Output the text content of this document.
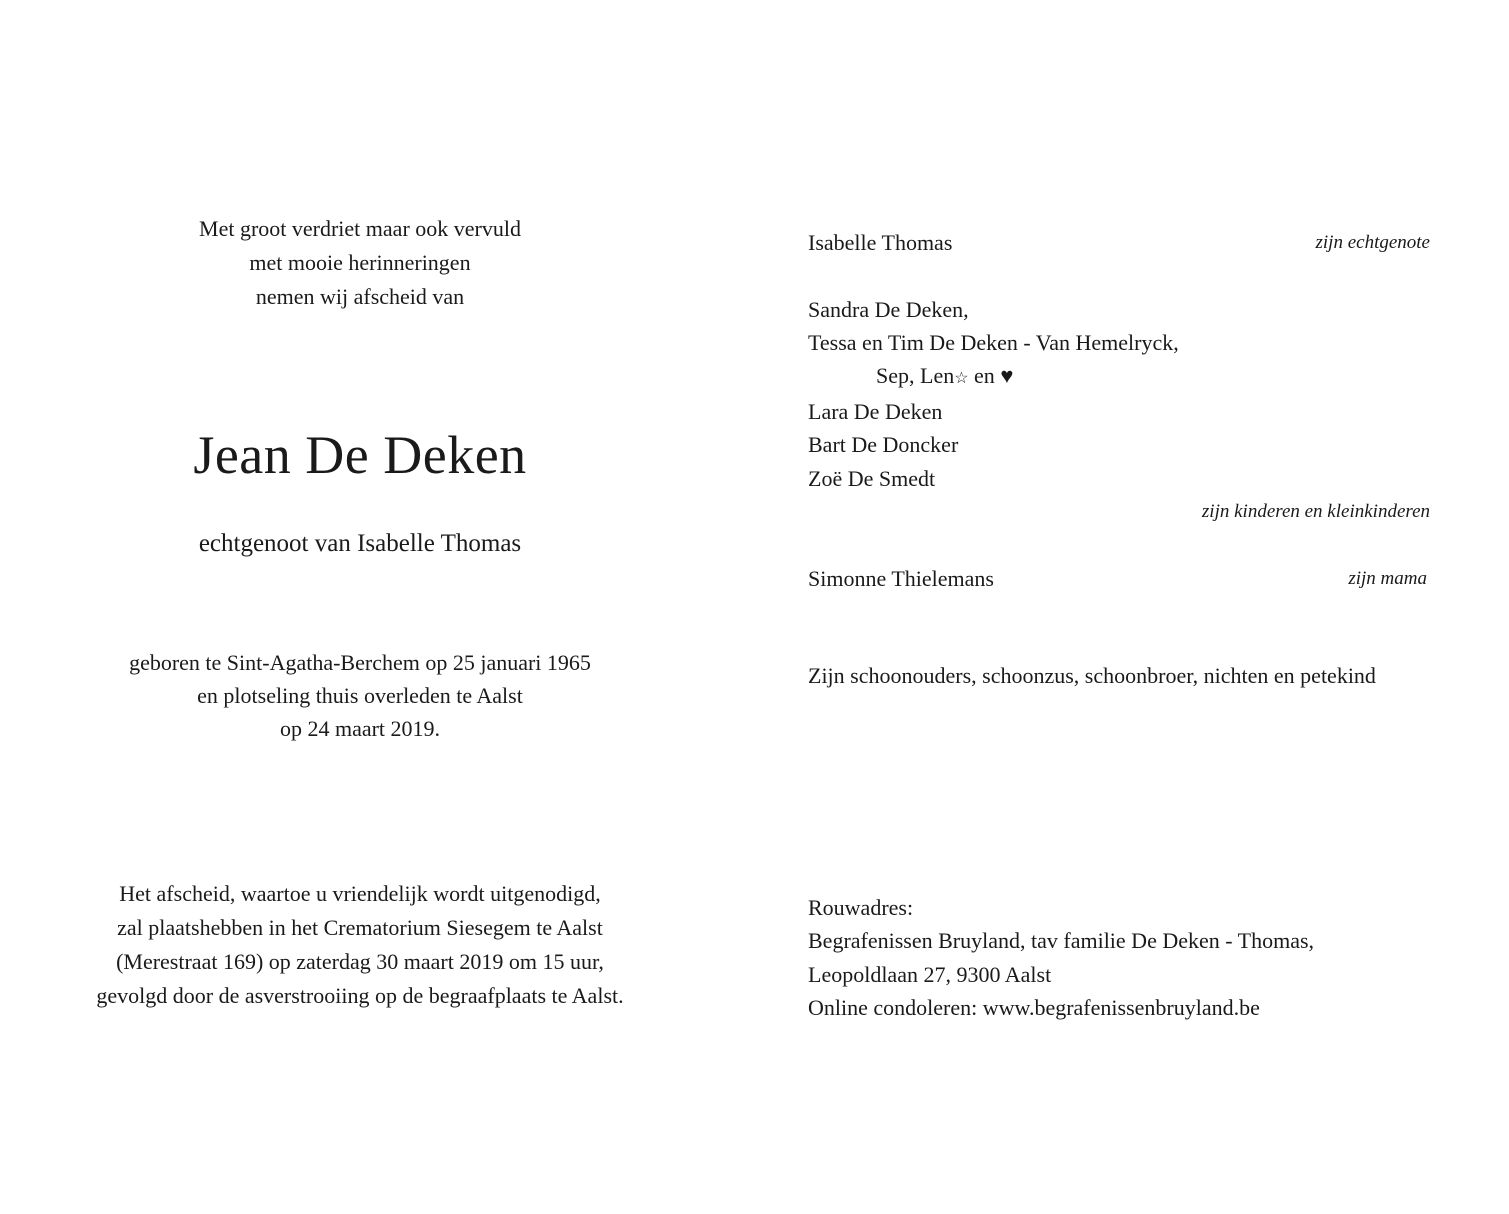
Met groot verdriet maar ook vervuld
met mooie herinneringen
nemen wij afscheid van
Jean De Deken
echtgenoot van Isabelle Thomas
geboren te Sint-Agatha-Berchem op 25 januari 1965
en plotseling thuis overleden te Aalst
op 24 maart 2019.
Het afscheid, waartoe u vriendelijk wordt uitgenodigd,
zal plaatshebben in het Crematorium Siesegem te Aalst
(Merestraat 169) op zaterdag 30 maart 2019 om 15 uur,
gevolgd door de asverstrooiing op de begraafplaats te Aalst.
Isabelle Thomas	zijn echtgenote
Sandra De Deken,
Tessa en Tim De Deken - Van Hemelryck,
Sep, Len☆ en ♥
Lara De Deken
Bart De Doncker
Zoë De Smedt
zijn kinderen en kleinkinderen
Simonne Thielemans	zijn mama
Zijn schoonouders, schoonzus, schoonbroer, nichten en petekind
Rouwadres:
Begrafenissen Bruyland, tav familie De Deken - Thomas,
Leopoldlaan 27, 9300 Aalst
Online condoleren: www.begrafenissenbruyland.be
